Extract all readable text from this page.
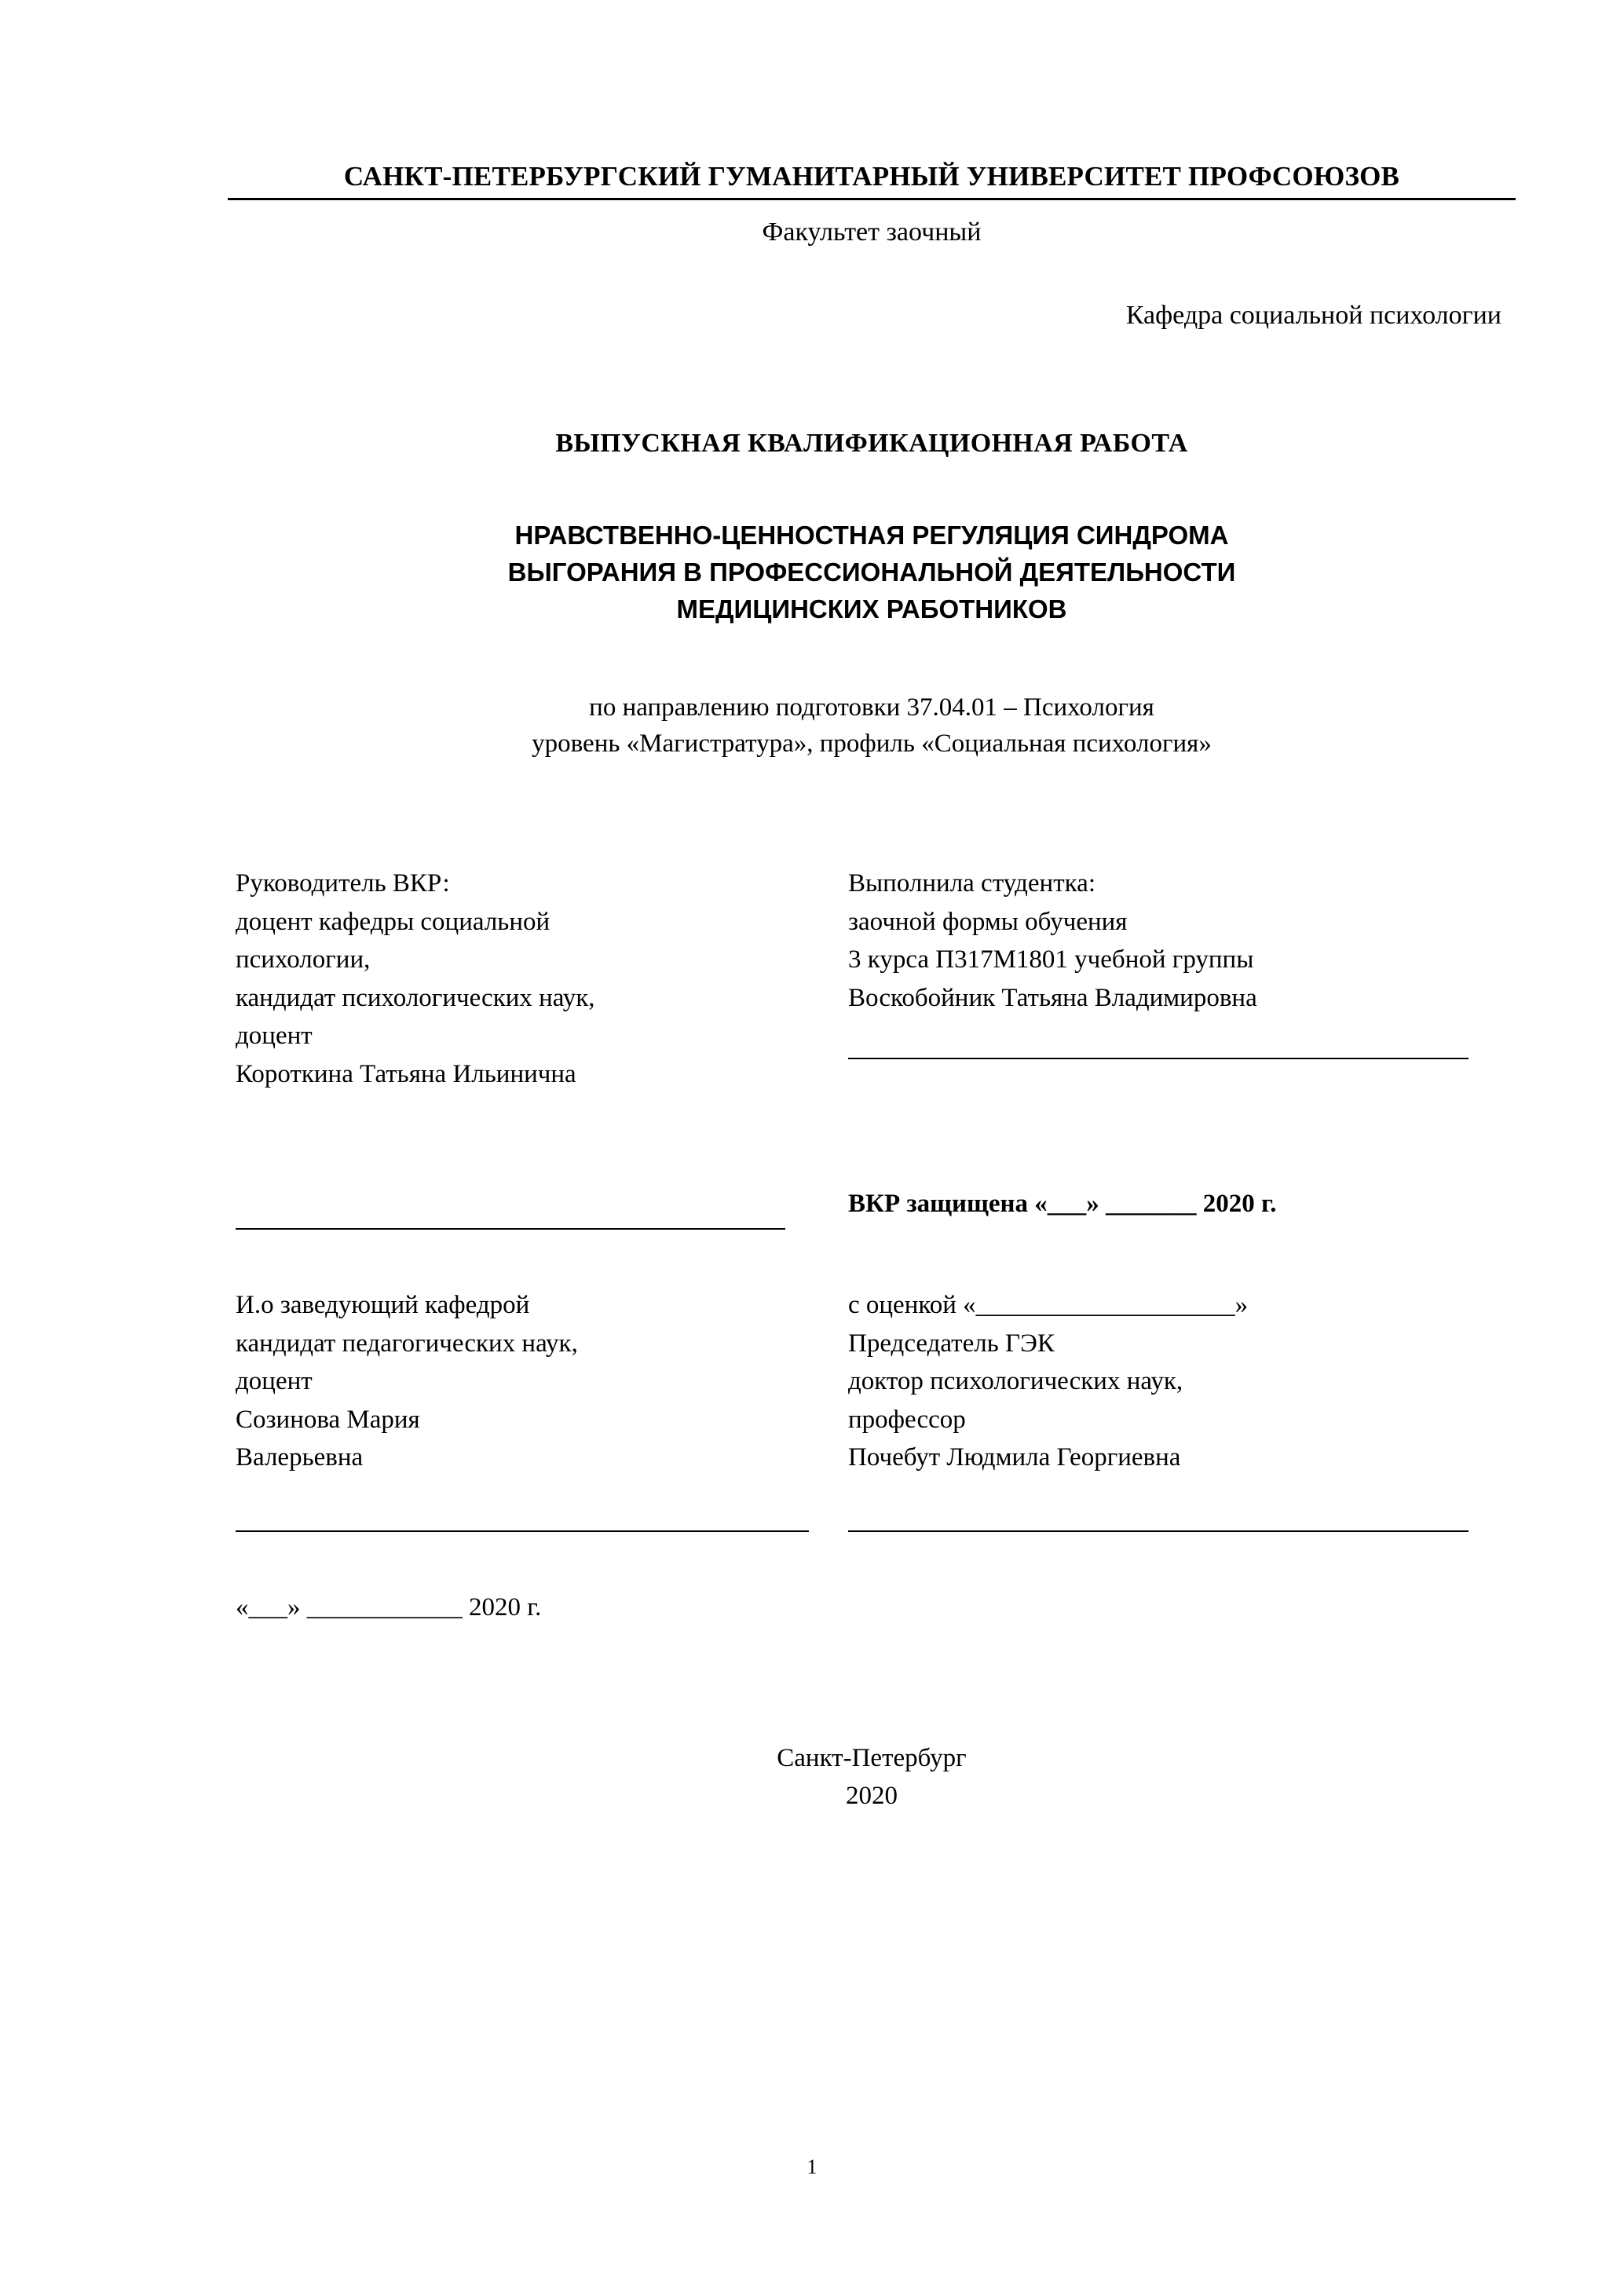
САНКТ-ПЕТЕРБУРГСКИЙ ГУМАНИТАРНЫЙ УНИВЕРСИТЕТ ПРОФСОЮЗОВ
Факультет заочный
Кафедра социальной психологии
ВЫПУСКНАЯ КВАЛИФИКАЦИОННАЯ РАБОТА
НРАВСТВЕННО-ЦЕННОСТНАЯ РЕГУЛЯЦИЯ СИНДРОМА
ВЫГОРАНИЯ В ПРОФЕССИОНАЛЬНОЙ ДЕЯТЕЛЬНОСТИ
МЕДИЦИНСКИХ РАБОТНИКОВ
по направлению подготовки 37.04.01 – Психология
уровень «Магистратура», профиль «Социальная психология»
Руководитель ВКР:
доцент кафедры социальной
психологии,
кандидат психологических наук,
доцент
Короткина Татьяна Ильинична
Выполнила студентка:
заочной формы обучения
3 курса П317М1801 учебной группы
Воскобойник Татьяна Владимировна
ВКР защищена «___» _______ 2020 г.
И.о заведующий кафедрой
кандидат педагогических наук,
доцент
Созинова Мария
Валерьевна
с оценкой «____________________»
Председатель ГЭК
доктор психологических наук,
профессор
Почебут Людмила Георгиевна
«___» ____________ 2020 г.
Санкт-Петербург
2020
1
